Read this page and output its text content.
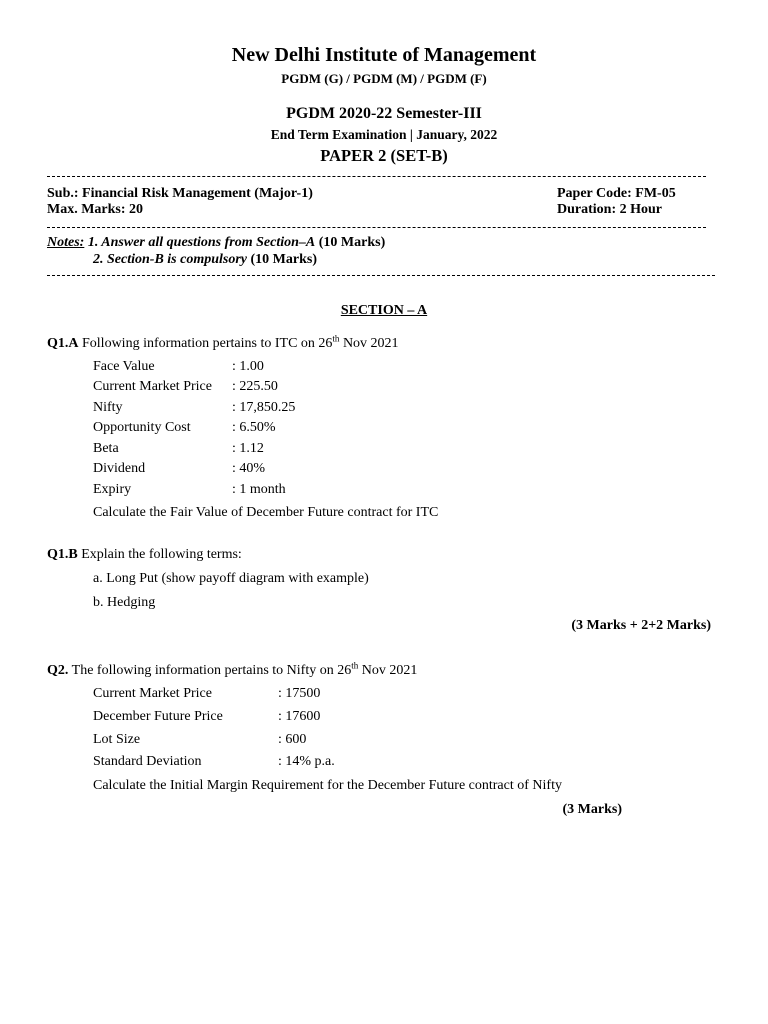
New Delhi Institute of Management
PGDM (G) / PGDM (M) / PGDM (F)
PGDM 2020-22 Semester-III
End Term Examination | January, 2022
PAPER 2 (SET-B)
Sub.: Financial Risk Management (Major-1)	Paper Code: FM-05
Max. Marks: 20	Duration: 2 Hour
Notes: 1. Answer all questions from Section–A (10 Marks)
2. Section-B is compulsory (10 Marks)
SECTION – A
Q1.A Following information pertains to ITC on 26th Nov 2021
Face Value	: 1.00
Current Market Price : 225.50
Nifty	: 17,850.25
Opportunity Cost	: 6.50%
Beta	: 1.12
Dividend	: 40%
Expiry	: 1 month
Calculate the Fair Value of December Future contract for ITC
Q1.B Explain the following terms:
a. Long Put (show payoff diagram with example)
b. Hedging
(3 Marks + 2+2 Marks)
Q2. The following information pertains to Nifty on 26th Nov 2021
Current Market Price	: 17500
December Future Price	: 17600
Lot Size	: 600
Standard Deviation	: 14% p.a.
Calculate the Initial Margin Requirement for the December Future contract of Nifty
(3 Marks)
